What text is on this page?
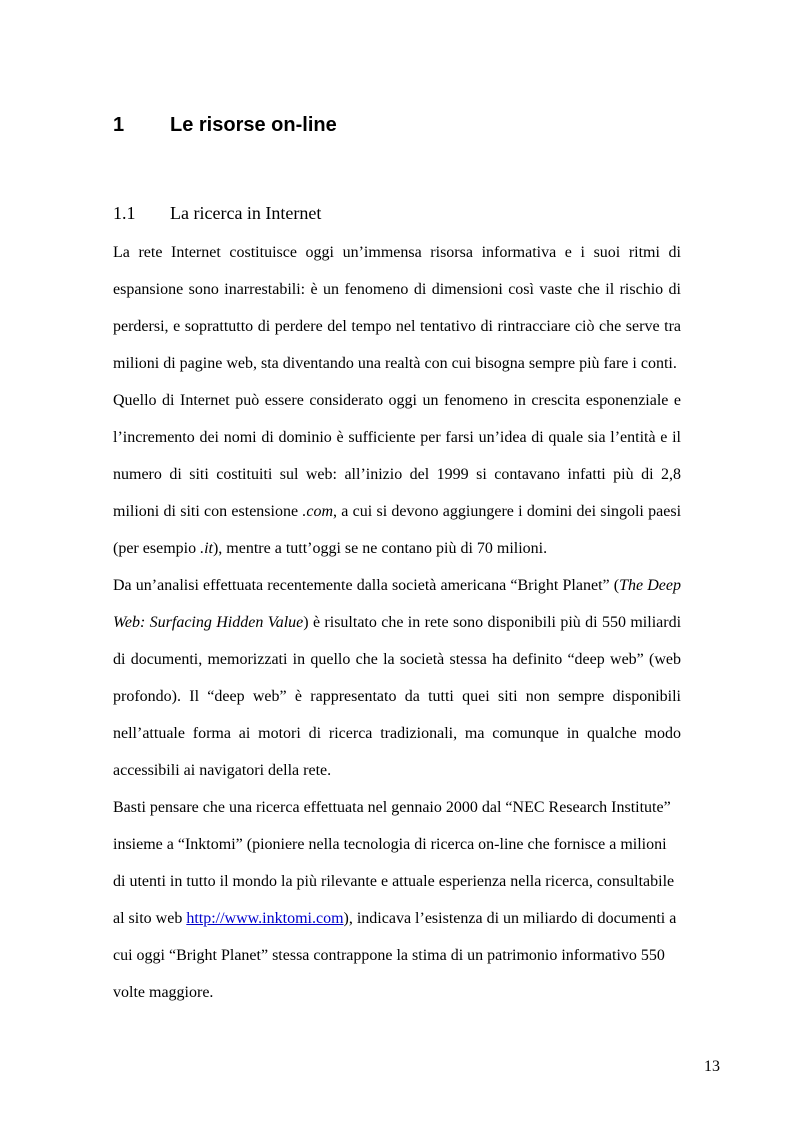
1 Le risorse on-line
1.1 La ricerca in Internet

La rete Internet costituisce oggi un’immensa risorsa informativa e i suoi ritmi di espansione sono inarrestabili: è un fenomeno di dimensioni così vaste che il rischio di perdersi, e soprattutto di perdere del tempo nel tentativo di rintracciare ciò che serve tra milioni di pagine web, sta diventando una realtà con cui bisogna sempre più fare i conti.

Quello di Internet può essere considerato oggi un fenomeno in crescita esponenziale e l’incremento dei nomi di dominio è sufficiente per farsi un’idea di quale sia l’entità e il numero di siti costituiti sul web: all’inizio del 1999 si contavano infatti più di 2,8 milioni di siti con estensione .com, a cui si devono aggiungere i domini dei singoli paesi (per esempio .it), mentre a tutt’oggi se ne contano più di 70 milioni.

Da un’analisi effettuata recentemente dalla società americana “Bright Planet” (The Deep Web: Surfacing Hidden Value) è risultato che in rete sono disponibili più di 550 miliardi di documenti, memorizzati in quello che la società stessa ha definito “deep web” (web profondo). Il “deep web” è rappresentato da tutti quei siti non sempre disponibili nell’attuale forma ai motori di ricerca tradizionali, ma comunque in qualche modo accessibili ai navigatori della rete.

Basti pensare che una ricerca effettuata nel gennaio 2000 dal “NEC Research Institute” insieme a “Inktomi” (pioniere nella tecnologia di ricerca on-line che fornisce a milioni di utenti in tutto il mondo la più rilevante e attuale esperienza nella ricerca, consultabile al sito web http://www.inktomi.com), indicava l’esistenza di un miliardo di documenti a cui oggi “Bright Planet” stessa contrappone la stima di un patrimonio informativo 550 volte maggiore.

13
